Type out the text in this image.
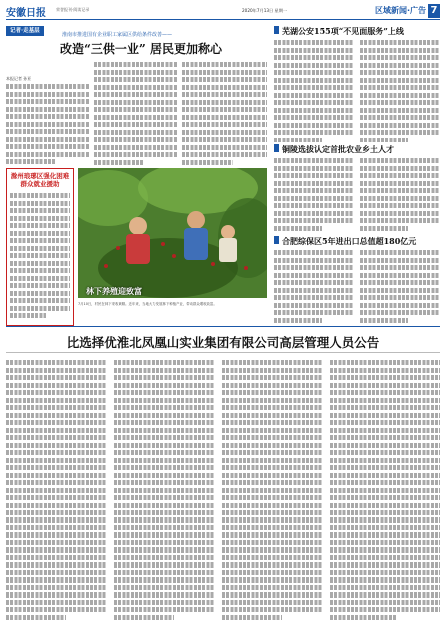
安徽日报	荣誉报刊·阅读记录	2020年7月13日 星期一	区域新闻·广告 7
记者·走基层
淮南市推进国有企业职工家属区供给条件改善——
改造“三供一业” 居民更加称心
本报记者 孙亚
滁州琅琊区强化困难群众就业援助
林下养殖迎致富
7月10日，村民在林下采收黄精。近年来，当地大力发展林下种植产业，带动群众增收致富。
芜湖公安155项“不见面服务”上线
铜陵选拔认定首批农业乡土人才
合肥综保区5年进出口总值超180亿元
比选择优淮北凤凰山实业集团有限公司高层管理人员公告
